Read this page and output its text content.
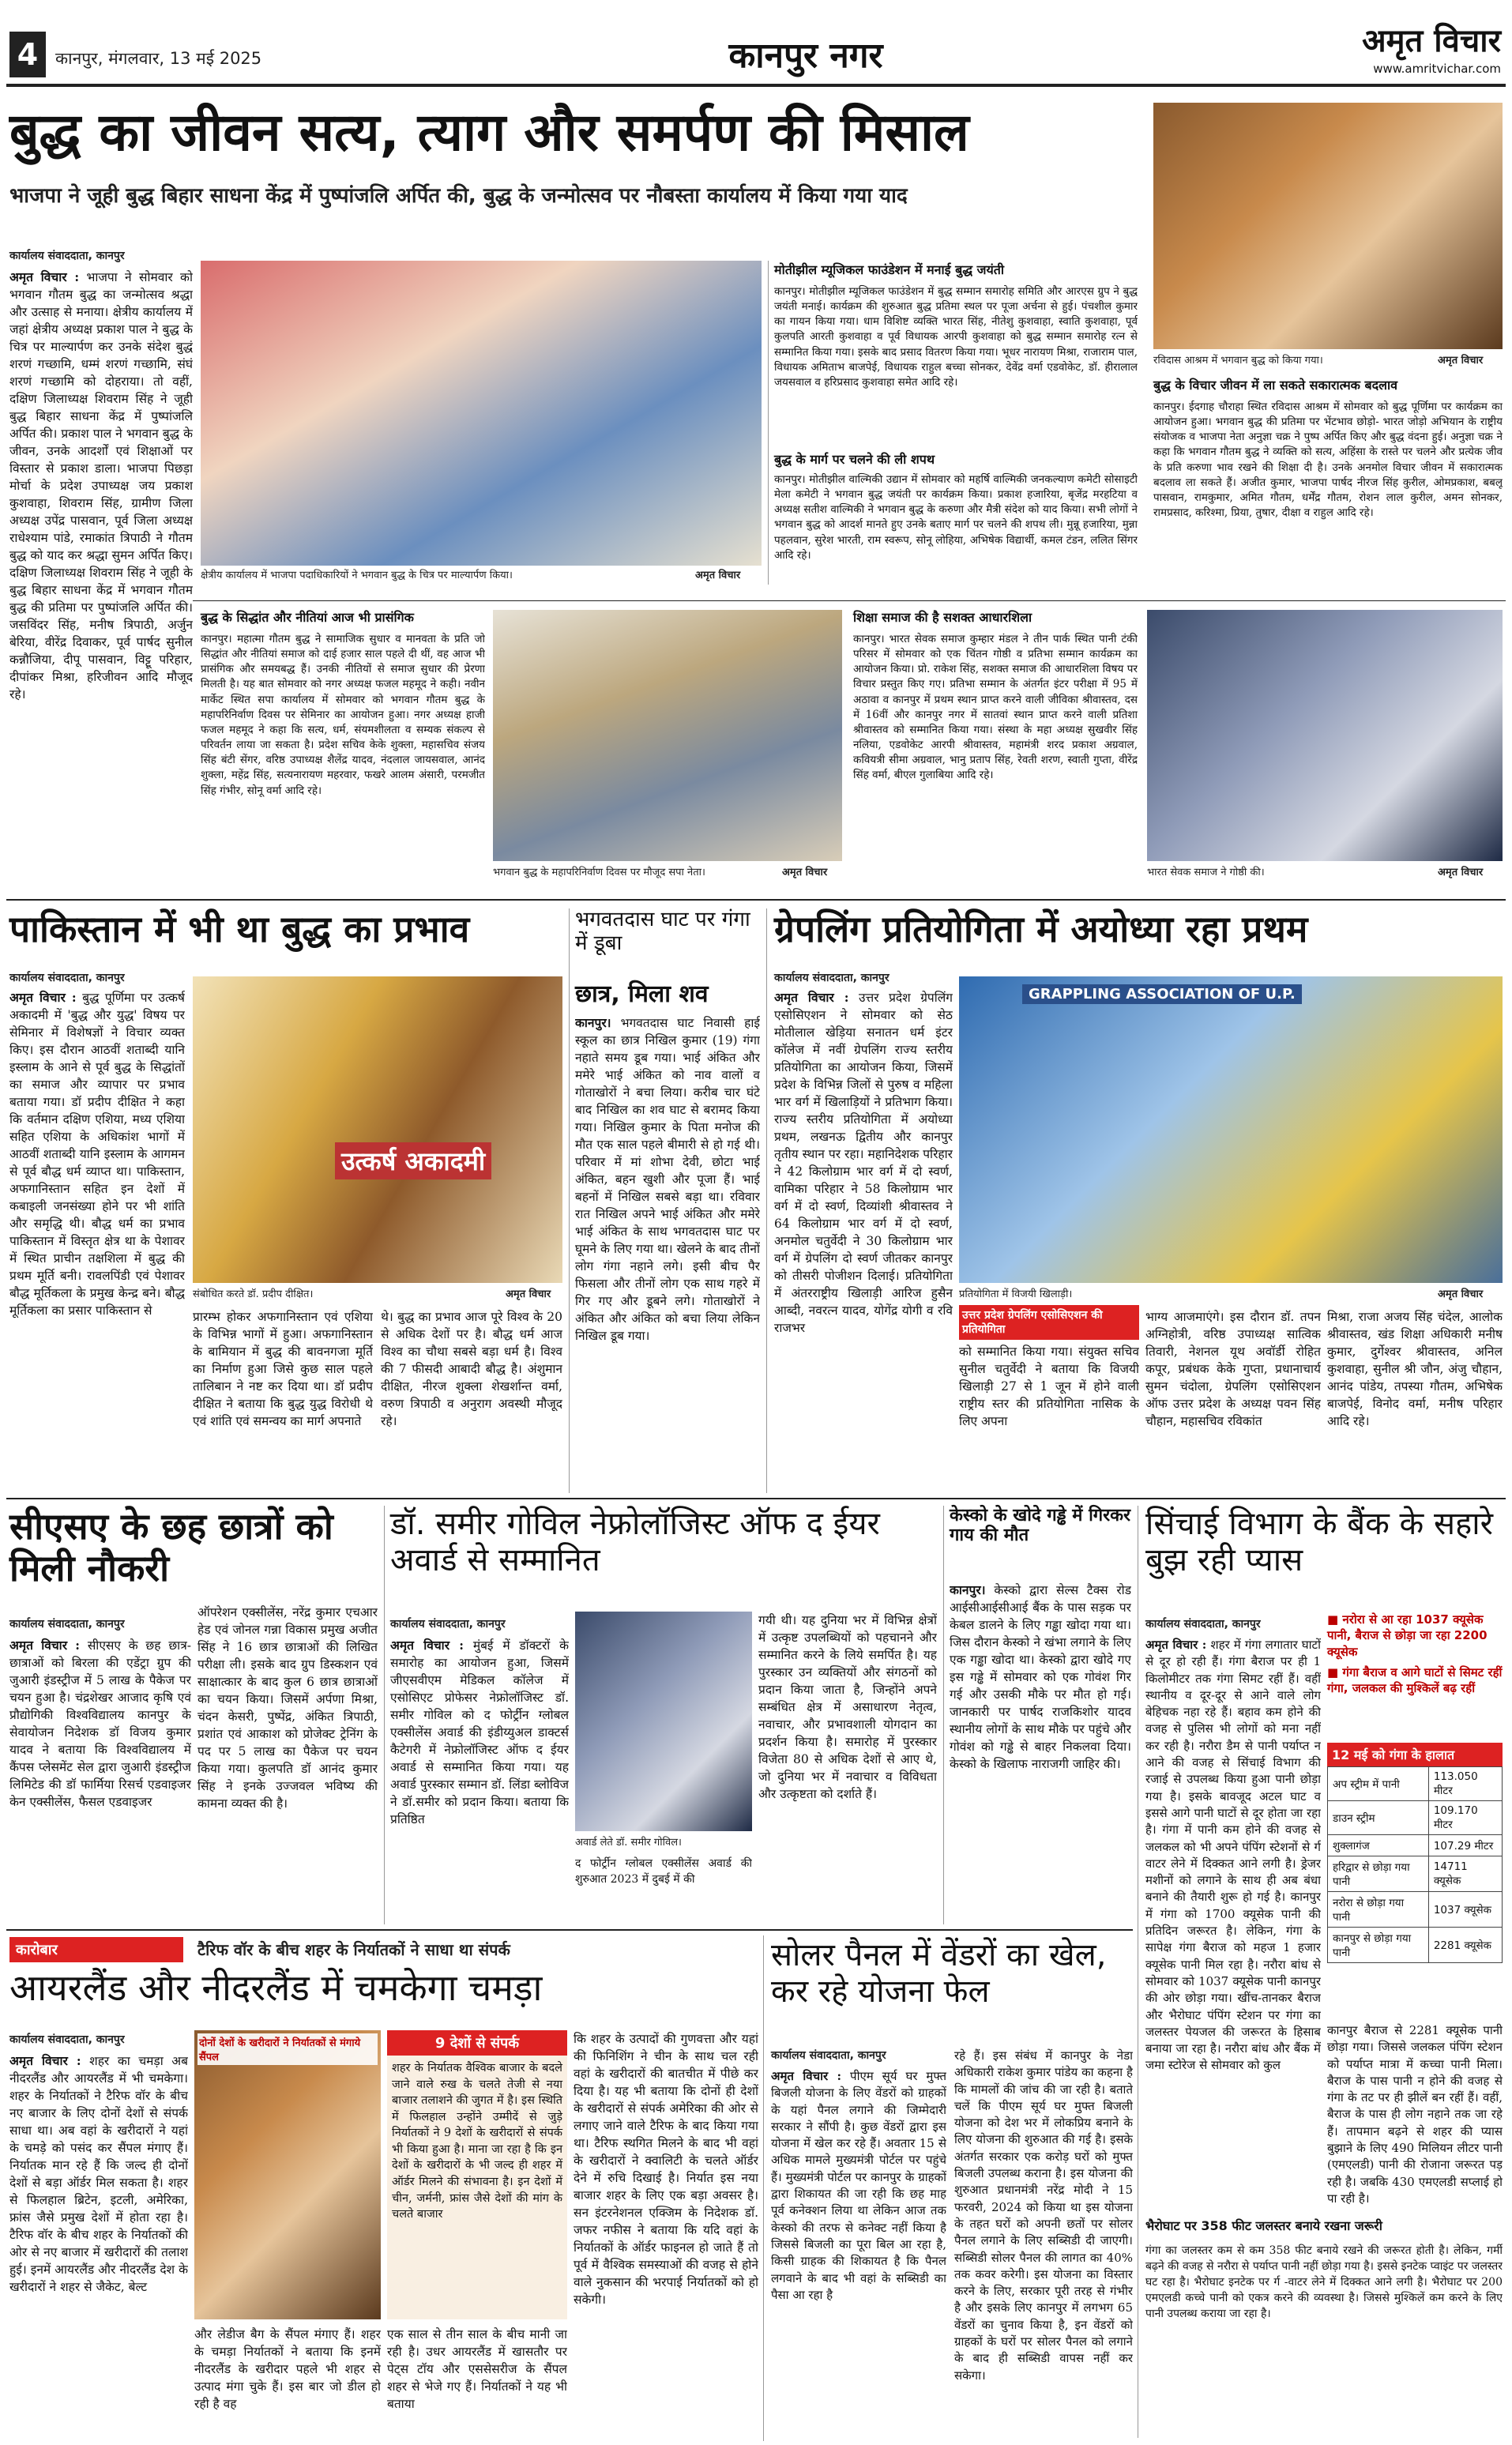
4	कानपुर, मंगलवार, 13 मई 2025	कानपुर नगर	अमृत विचार
www.amritvichar.com
बुद्ध का जीवन सत्य, त्याग और समर्पण की मिसाल
भाजपा ने जूही बुद्ध बिहार साधना केंद्र में पुष्पांजलि अर्पित की, बुद्ध के जन्मोत्सव पर नौबस्ता कार्यालय में किया गया याद
कार्यालय संवाददाता, कानपुर
अमृत विचार : भाजपा ने सोमवार को भगवान गौतम बुद्ध का जन्मोत्सव श्रद्धा और उत्साह से मनाया। क्षेत्रीय कार्यालय में जहां क्षेत्रीय अध्यक्ष प्रकाश पाल ने बुद्ध के चित्र पर माल्यार्पण कर उनके संदेश बुद्धं शरणं गच्छामि, धम्मं शरणं गच्छामि, संघं शरणं गच्छामि को दोहराया। तो वहीं, दक्षिण जिलाध्यक्ष शिवराम सिंह ने जूही बुद्ध बिहार साधना केंद्र में पुष्पांजलि अर्पित की। प्रकाश पाल ने भगवान बुद्ध के जीवन, उनके आदर्शों एवं शिक्षाओं पर विस्तार से प्रकाश डाला। भाजपा पिछड़ा मोर्चा के प्रदेश उपाध्यक्ष जय प्रकाश कुशवाहा, शिवराम सिंह, ग्रामीण जिला अध्यक्ष उपेंद्र पासवान, पूर्व जिला अध्यक्ष राधेश्याम पांडे, रमाकांत त्रिपाठी ने गौतम बुद्ध को याद कर श्रद्धा सुमन अर्पित किए। दक्षिण जिलाध्यक्ष शिवराम सिंह ने जूही के बुद्ध बिहार साधना केंद्र में भगवान गौतम बुद्ध की प्रतिमा पर पुष्पांजलि अर्पित की। जसविंदर सिंह, मनीष त्रिपाठी, अर्जुन बेरिया, वीरेंद्र दिवाकर, पूर्व पार्षद सुनील कन्नौजिया, दीपू पासवान, विट्टू परिहार, दीपांकर मिश्रा, हरिजीवन आदि मौजूद रहे।
क्षेत्रीय कार्यालय में भाजपा पदाधिकारियों ने भगवान बुद्ध के चित्र पर माल्यार्पण किया।	अमृत विचार
मोतीझील म्यूजिकल फाउंडेशन में मनाई बुद्ध जयंती
कानपुर। मोतीझील म्यूजिकल फाउंडेशन में बुद्ध सम्मान समारोह समिति और आरएस ग्रुप ने बुद्ध जयंती मनाई। कार्यक्रम की शुरुआत बुद्ध प्रतिमा स्थल पर पूजा अर्चना से हुई। पंचशील कुमार का गायन किया गया। धाम विशिष्ट व्यक्ति भारत सिंह, नीतेशु कुशवाहा, स्वाति कुशवाहा, पूर्व कुलपति आरती कुशवाहा व पूर्व विधायक आरपी कुशवाहा को बुद्ध सम्मान समारोह रत्न से सम्मानित किया गया। इसके बाद प्रसाद वितरण किया गया। भूधर नारायण मिश्रा, राजाराम पाल, विधायक अमिताभ बाजपेई, विधायक राहुल बच्चा सोनकर, देवेंद्र वर्मा एडवोकेट, डॉ. हीरालाल जयसवाल व हरिप्रसाद कुशवाहा समेत आदि रहे।
बुद्ध के मार्ग पर चलने की ली शपथ
कानपुर। मोतीझील वाल्मिकी उद्यान में सोमवार को महर्षि वाल्मिकी जनकल्याण कमेटी सोसाइटी मेला कमेटी ने भगवान बुद्ध जयंती पर कार्यक्रम किया। प्रकाश हजारिया, बृजेंद्र मरहटिया व अध्यक्ष सतीश वाल्मिकी ने भगवान बुद्ध के करुणा और मैत्री संदेश को याद किया। सभी लोगों ने भगवान बुद्ध को आदर्श मानते हुए उनके बताए मार्ग पर चलने की शपथ ली। मुन्नू हजारिया, मुन्ना पहलवान, सुरेश भारती, राम स्वरूप, सोनू लोहिया, अभिषेक विद्यार्थी, कमल टंडन, ललित सिंगर आदि रहे।
रविदास आश्रम में भगवान बुद्ध को किया गया।	अमृत विचार
बुद्ध के विचार जीवन में ला सकते सकारात्मक बदलाव
कानपुर। ईदगाह चौराहा स्थित रविदास आश्रम में सोमवार को बुद्ध पूर्णिमा पर कार्यक्रम का आयोजन हुआ। भगवान बुद्ध की प्रतिमा पर भेंटभाव छोड़ो- भारत जोड़ो अभियान के राष्ट्रीय संयोजक व भाजपा नेता अनुज्ञा चक्र ने पुष्प अर्पित किए और बुद्ध वंदना हुई। अनुज्ञा चक्र ने कहा कि भगवान गौतम बुद्ध ने व्यक्ति को सत्य, अहिंसा के रास्ते पर चलने और प्रत्येक जीव के प्रति करुणा भाव रखने की शिक्षा दी है। उनके अनमोल विचार जीवन में सकारात्मक बदलाव ला सकते हैं। अजीत कुमार, भाजपा पार्षद नीरज सिंह कुरील, ओमप्रकाश, बबलू पासवान, रामकुमार, अमित गौतम, धर्मेंद्र गौतम, रोशन लाल कुरील, अमन सोनकर, रामप्रसाद, करिश्मा, प्रिया, तुषार, दीक्षा व राहुल आदि रहे।
बुद्ध के सिद्धांत और नीतियां आज भी प्रासंगिक
कानपुर। महात्मा गौतम बुद्ध ने सामाजिक सुधार व मानवता के प्रति जो सिद्धांत और नीतियां समाज को दाई हजार साल पहले दी थीं, वह आज भी प्रासंगिक और समयबद्ध हैं। उनकी नीतियों से समाज सुधार की प्रेरणा मिलती है। यह बात सोमवार को नगर अध्यक्ष फजल महमूद ने कही। नवीन मार्केट स्थित सपा कार्यालय में सोमवार को भगवान गौतम बुद्ध के महापरिनिर्वाण दिवस पर सेमिनार का आयोजन हुआ। नगर अध्यक्ष हाजी फजल महमूद ने कहा कि सत्य, धर्म, संयमशीलता व सम्यक संकल्प से परिवर्तन लाया जा सकता है। प्रदेश सचिव केके शुक्ला, महासचिव संजय सिंह बंटी सेंगर, वरिष्ठ उपाध्यक्ष शैलेंद्र यादव, नंदलाल जायसवाल, आनंद शुक्ला, महेंद्र सिंह, सत्यनारायण महरवार, फखरे आलम अंसारी, परमजीत सिंह गंभीर, सोनू वर्मा आदि रहे।
भगवान बुद्ध के महापरिनिर्वाण दिवस पर मौजूद सपा नेता।	अमृत विचार
शिक्षा समाज की है सशक्त आधारशिला
कानपुर। भारत सेवक समाज कुम्हार मंडल ने तीन पार्क स्थित पानी टंकी परिसर में सोमवार को एक चिंतन गोष्ठी व प्रतिभा सम्मान कार्यक्रम का आयोजन किया। प्रो. राकेश सिंह, सशक्त समाज की आधारशिला विषय पर विचार प्रस्तुत किए गए। प्रतिभा सम्मान के अंतर्गत इंटर परीक्षा में 95 में अठावा व कानपुर में प्रथम स्थान प्राप्त करने वाली जीविका श्रीवास्तव, दस में 16वीं और कानपुर नगर में सातवां स्थान प्राप्त करने वाली प्रतिशा श्रीवास्तव को सम्मानित किया गया। संस्था के महा अध्यक्ष सुखवीर सिंह नलिया, एडवोकेट आरपी श्रीवास्तव, महामंत्री शरद प्रकाश अग्रवाल, कवियत्री सीमा अग्रवाल, भानु प्रताप सिंह, रेवती शरण, स्वाती गुप्ता, वीरेंद्र सिंह वर्मा, बीएल गुलाबिया आदि रहे।
भारत सेवक समाज ने गोष्ठी की।	अमृत विचार
पाकिस्तान में भी था बुद्ध का प्रभाव
कार्यालय संवाददाता, कानपुर
अमृत विचार : बुद्ध पूर्णिमा पर उत्कर्ष अकादमी में 'बुद्ध और युद्ध' विषय पर सेमिनार में विशेषज्ञों ने विचार व्यक्त किए। इस दौरान आठवीं शताब्दी यानि इस्लाम के आने से पूर्व बुद्ध के सिद्धांतों का समाज और व्यापार पर प्रभाव बताया गया। डॉ प्रदीप दीक्षित ने कहा कि वर्तमान दक्षिण एशिया, मध्य एशिया सहित एशिया के अधिकांश भागों में आठवीं शताब्दी यानि इस्लाम के आगमन से पूर्व बौद्ध धर्म व्याप्त था। पाकिस्तान, अफगानिस्तान सहित इन देशों में कबाइली जनसंख्या होने पर भी शांति और समृद्धि थी। बौद्ध धर्म का प्रभाव पाकिस्तान में विस्तृत क्षेत्र था के पेशावर में स्थित प्राचीन तक्षशिला में बुद्ध की प्रथम मूर्ति बनी। रावलपिंडी एवं पेशावर बौद्ध मूर्तिकला के प्रमुख केन्द्र बने। बौद्ध मूर्तिकला का प्रसार पाकिस्तान से
उत्कर्ष अकादमी
संबोधित करते डॉ. प्रदीप दीक्षित।	अमृत विचार
प्रारम्भ होकर अफगानिस्तान एवं एशिया के विभिन्न भागों में हुआ। अफगानिस्तान के बामियान में बुद्ध की बावनगजा मूर्ति का निर्माण हुआ जिसे कुछ साल पहले तालिबान ने नष्ट कर दिया था। डॉ प्रदीप दीक्षित ने बताया कि बुद्ध युद्ध विरोधी थे एवं शांति एवं समन्वय का मार्ग अपनाते
थे। बुद्ध का प्रभाव आज पूरे विश्व के 20 से अधिक देशों पर है। बौद्ध धर्म आज विश्व का चौथा सबसे बड़ा धर्म है। विश्व की 7 फीसदी आबादी बौद्ध है। अंशुमान दीक्षित, नीरज शुक्ला शेखर्शान्त वर्मा, वरुण त्रिपाठी व अनुराग अवस्थी मौजूद रहे।
भगवतदास घाट पर गंगा में डूबा
छात्र, मिला शव
कानपुर। भगवतदास घाट निवासी हाई स्कूल का छात्र निखिल कुमार (19) गंगा नहाते समय डूब गया। भाई अंकित और ममेरे भाई अंकित को नाव वालों व गोताखोरों ने बचा लिया। करीब चार घंटे बाद निखिल का शव घाट से बरामद किया गया। निखिल कुमार के पिता मनोज की मौत एक साल पहले बीमारी से हो गई थी। परिवार में मां शोभा देवी, छोटा भाई अंकित, बहन खुशी और पूजा हैं। भाई बहनों में निखिल सबसे बड़ा था। रविवार रात निखिल अपने भाई अंकित और ममेरे भाई अंकित के साथ भगवतदास घाट पर घूमने के लिए गया था। खेलने के बाद तीनों लोग गंगा नहाने लगे। इसी बीच पैर फिसला और तीनों लोग एक साथ गहरे में गिर गए और डूबने लगे। गोताखोरों ने अंकित और अंकित को बचा लिया लेकिन निखिल डूब गया।
ग्रेपलिंग प्रतियोगिता में अयोध्या रहा प्रथम
कार्यालय संवाददाता, कानपुर
अमृत विचार : उत्तर प्रदेश ग्रेपलिंग एसोसिएशन ने सोमवार को सेठ मोतीलाल खेड़िया सनातन धर्म इंटर कॉलेज में नवीं ग्रेपलिंग राज्य स्तरीय प्रतियोगिता का आयोजन किया, जिसमें प्रदेश के विभिन्न जिलों से पुरुष व महिला भार वर्ग में खिलाड़ियों ने प्रतिभाग किया। राज्य स्तरीय प्रतियोगिता में अयोध्या प्रथम, लखनऊ द्वितीय और कानपुर तृतीय स्थान पर रहा। महानिदेशक परिहार ने 42 किलोग्राम भार वर्ग में दो स्वर्ण, वामिका परिहार ने 58 किलोग्राम भार वर्ग में दो स्वर्ण, दिव्यांशी श्रीवास्तव ने 64 किलोग्राम भार वर्ग में दो स्वर्ण, अनमोल चतुर्वेदी ने 30 किलोग्राम भार वर्ग में ग्रेपलिंग दो स्वर्ण जीतकर कानपुर को तीसरी पोजीशन दिलाई। प्रतियोगिता में अंतरराष्ट्रीय खिलाड़ी आरिज हुसैन आब्दी, नवरत्न यादव, योगेंद्र योगी व रवि राजभर
GRAPPLING ASSOCIATION OF U.P.
प्रतियोगिता में विजयी खिलाड़ी।	अमृत विचार
उत्तर प्रदेश ग्रेपलिंग एसोसिएशन की प्रतियोगिता
को सम्मानित किया गया। संयुक्त सचिव सुनील चतुर्वेदी ने बताया कि विजयी खिलाड़ी 27 से 1 जून में होने वाली राष्ट्रीय स्तर की प्रतियोगिता नासिक के लिए अपना
भाग्य आजमाएंगे। इस दौरान डॉ. तपन अग्निहोत्री, वरिष्ठ उपाध्यक्ष सात्विक तिवारी, नेशनल यूथ अवॉर्डी रोहित कपूर, प्रबंधक केके गुप्ता, प्रधानाचार्य सुमन चंदोला, ग्रेपलिंग एसोसिएशन ऑफ उत्तर प्रदेश के अध्यक्ष पवन सिंह चौहान, महासचिव रविकांत
मिश्रा, राजा अजय सिंह चंदेल, आलोक श्रीवास्तव, खंड शिक्षा अधिकारी मनीष कुमार, दुर्गेश्वर श्रीवास्तव, अनिल कुशवाहा, सुनील श्री जौन, अंजु चौहान, आनंद पांडेय, तपस्या गौतम, अभिषेक बाजपेई, विनोद वर्मा, मनीष परिहार आदि रहे।
सीएसए के छह छात्रों को मिली नौकरी
कार्यालय संवाददाता, कानपुर
अमृत विचार : सीएसए के छह छात्र-छात्राओं को बिरला की एडेंट्रा ग्रुप की जुआरी इंडस्ट्रीज में 5 लाख के पैकेज पर चयन हुआ है। चंद्रशेखर आजाद कृषि एवं प्रौद्योगिकी विश्वविद्यालय कानपुर के सेवायोजन निदेशक डॉ विजय कुमार यादव ने बताया कि विश्वविद्यालय में कैंपस प्लेसमेंट सेल द्वारा जुआरी इंडस्ट्रीज लिमिटेड की डॉ फार्मिया रिसर्च एडवाइजर केन एक्सीलेंस, फैसल एडवाइजर
ऑपरेशन एक्सीलेंस, नरेंद्र कुमार एचआर हेड एवं जोनल गन्ना विकास प्रमुख अजीत सिंह ने 16 छात्र छात्राओं की लिखित परीक्षा ली। इसके बाद ग्रुप डिस्कशन एवं साक्षात्कार के बाद कुल 6 छात्र छात्राओं का चयन किया। जिसमें अर्पणा मिश्रा, चंदन केसरी, पुष्पेंद्र, अंकित त्रिपाठी, प्रशांत एवं आकाश को प्रोजेक्ट ट्रेनिंग के पद पर 5 लाख का पैकेज पर चयन किया गया। कुलपति डॉ आनंद कुमार सिंह ने इनके उज्जवल भविष्य की कामना व्यक्त की है।
डॉ. समीर गोविल नेफ्रोलॉजिस्ट ऑफ द ईयर अवार्ड से सम्मानित
कार्यालय संवाददाता, कानपुर
अमृत विचार : मुंबई में डॉक्टरों के समारोह का आयोजन हुआ, जिसमें जीएसवीएम मेडिकल कॉलेज में एसोसिएट प्रोफेसर नेफ्रोलॉजिस्ट डॉ. समीर गोविल को द फोर्ट्रीन ग्लोबल एक्सीलेंस अवार्ड की इंडीय्युअल डाक्टर्स कैटेगरी में नेफ्रोलॉजिस्ट ऑफ द ईयर अवार्ड से सम्मानित किया गया। यह अवार्ड पुरस्कार सम्मान डॉ. लिंडा ब्लोविज ने डॉ.समीर को प्रदान किया। बताया कि प्रतिष्ठित
अवार्ड लेते डॉ. समीर गोविल।
द फोर्ट्रीन ग्लोबल एक्सीलेंस अवार्ड की शुरुआत 2023 में दुबई में की
गयी थी। यह दुनिया भर में विभिन्न क्षेत्रों में उत्कृष्ट उपलब्धियों को पहचानने और सम्मानित करने के लिये समर्पित है। यह पुरस्कार उन व्यक्तियों और संगठनों को प्रदान किया जाता है, जिन्होंने अपने सम्बंधित क्षेत्र में असाधारण नेतृत्व, नवाचार, और प्रभावशाली योगदान का प्रदर्शन किया है। समारोह में पुरस्कार विजेता 80 से अधिक देशों से आए थे, जो दुनिया भर में नवाचार व विविधता और उत्कृष्टता को दर्शाते हैं।
केस्को के खोदे गड्ढे में गिरकर गाय की मौत
कानपुर। केस्को द्वारा सेल्स टैक्स रोड आईसीआईसीआई बैंक के पास सड़क पर केबल डालने के लिए गड्ढा खोदा गया था। जिस दौरान केस्को ने खंभा लगाने के लिए एक गड्ढा खोदा था। केस्को द्वारा खोदे गए इस गड्ढे में सोमवार को एक गोवंश गिर गई और उसकी मौके पर मौत हो गई। जानकारी पर पार्षद राजकिशोर यादव स्थानीय लोगों के साथ मौके पर पहुंचे और गोवंश को गड्ढे से बाहर निकलवा दिया। केस्को के खिलाफ नाराजगी जाहिर की।
सिंचाई विभाग के बैंक के सहारे बुझ रही प्यास
कार्यालय संवाददाता, कानपुर	■ नरोरा से आ रहा 1037 क्यूसेक पानी, बैराज से छोड़ा जा रहा 2200 क्यूसेक
■ गंगा बैराज व आगे घाटों से सिमट रहीं गंगा, जलकल की मुश्किलें बढ़ रहीं
अमृत विचार : शहर में गंगा लगातार घाटों से दूर हो रही हैं। गंगा बैराज पर ही 1 किलोमीटर तक गंगा सिमट रहीं हैं। वहीं स्थानीय व दूर-दूर से आने वाले लोग बेहिचक नहा रहे हैं। बहाव कम होने की वजह से पुलिस भी लोगों को मना नहीं कर रही है। नरौरा डैम से पानी पर्याप्त न आने की वजह से सिंचाई विभाग की रजाई से उपलब्ध किया हुआ पानी छोड़ा गया है। इसके बावजूद अटल घाट व इससे आगे पानी घाटों से दूर होता जा रहा है। गंगा में पानी कम होने की वजह से जलकल को भी अपने पंपिंग स्टेशनों से र्ग वाटर लेने में दिक्कत आने लगी है। ड्रेजर मशीनों को लगाने के साथ ही अब बंधा बनाने की तैयारी शुरू हो गई है। कानपुर में गंगा को 1700 क्यूसेक पानी की प्रतिदिन जरूरत है। लेकिन, गंगा के सापेक्ष गंगा बैराज को महज 1 हजार क्यूसेक पानी मिल रहा है। नरौरा बांध से सोमवार को 1037 क्यूसेक पानी कानपुर की ओर छोड़ा गया। खींच-तानकर बैराज और भैरोघाट पंपिंग स्टेशन पर गंगा का जलस्तर पेयजल की जरूरत के हिसाब बनाया जा रहा है। नरौरा बांध और बैंक में जमा स्टोरेज से सोमवार को कुल
12 मई को गंगा के हालात
अप स्ट्रीम में पानी	113.050 मीटर
डाउन स्ट्रीम	109.170 मीटर
शुक्लागंज	107.29 मीटर
हरिद्वार से छोड़ा गया पानी	14711 क्यूसेक
नरोरा से छोड़ा गया पानी	1037 क्यूसेक
कानपुर से छोड़ा गया पानी	2281 क्यूसेक
कानपुर बैराज से 2281 क्यूसेक पानी छोड़ा गया। जिससे जलकल पंपिंग स्टेशन को पर्याप्त मात्रा में कच्चा पानी मिला। बैराज के पास पानी न होने की वजह से गंगा के तट पर ही झीलें बन रहीं हैं। वहीं, बैराज के पास ही लोग नहाने तक जा रहे हैं। तापमान बढ़ने से शहर की प्यास बुझाने के लिए 490 मिलियन लीटर पानी (एमएलडी) पानी की रोजाना जरूरत पड़ रही है। जबकि 430 एमएलडी सप्लाई हो पा रही है।
भैरोघाट पर 358 फीट जलस्तर बनाये रखना जरूरी
गंगा का जलस्तर कम से कम 358 फीट बनाये रखने की जरूरत होती है। लेकिन, गर्मी बढ़ने की वजह से नरौरा से पर्याप्त पानी नहीं छोड़ा गया है। इससे इनटेक प्वाइंट पर जलस्तर घट रहा है। भैरोघाट इनटेक पर र्ग -वाटर लेने में दिक्कत आने लगी है। भैरोघाट पर 200 एमएलडी कच्चे पानी को एकत्र करने की व्यवस्था है। जिससे मुश्किलें कम करने के लिए पानी उपलब्ध कराया जा रहा है।
कारोबार	टैरिफ वॉर के बीच शहर के निर्यातकों ने साधा था संपर्क
आयरलैंड और नीदरलैंड में चमकेगा चमड़ा
कार्यालय संवाददाता, कानपुर
अमृत विचार : शहर का चमड़ा अब नीदरलैंड और आयरलैंड में भी चमकेगा। शहर के निर्यातकों ने टैरिफ वॉर के बीच नए बाजार के लिए दोनों देशों से संपर्क साधा था। अब वहां के खरीदारों ने यहां के चमड़े को पसंद कर सैंपल मंगाए हैं। निर्यातक मान रहे हैं कि जल्द ही दोनों देशों से बड़ा ऑर्डर मिल सकता है। शहर से फिलहाल ब्रिटेन, इटली, अमेरिका, फ्रांस जैसे प्रमुख देशों में होता रहा है। टैरिफ वॉर के बीच शहर के निर्यातकों की ओर से नए बाजार में खरीदारों की तलाश हुई। इनमें आयरलैंड और नीदरलैंड देश के खरीदारों ने शहर से जैकेट, बेल्ट
दोनों देशों के खरीदारों ने निर्यातकों से मंगाये सैंपल
और लेडीज बैग के सैंपल मंगाए हैं। शहर के चमड़ा निर्यातकों ने बताया कि इनमें नीदरलैंड के खरीदार पहले भी शहर से उत्पाद मंगा चुके हैं। इस बार जो डील हो रही है वह
9 देशों से संपर्क
शहर के निर्यातक वैश्विक बाजार के बदले जाने वाले रुख के चलते तेजी से नया बाजार तलाशने की जुगत में है। इस स्थिति में फिलहाल उन्होंने उम्मीदें से जुड़े निर्यातकों ने 9 देशों के खरीदारों से संपर्क भी किया हुआ है। माना जा रहा है कि इन देशों के खरीदारों के भी जल्द ही शहर में ऑर्डर मिलने की संभावना है। इन देशों में चीन, जर्मनी, फ्रांस जैसे देशों की मांग के चलते बाजार
एक साल से तीन साल के बीच मानी जा रही है। उधर आयरलैंड में खासतौर पर पेट्स टॉय और एससेसरीज के सैंपल शहर से भेजे गए हैं। निर्यातकों ने यह भी बताया
कि शहर के उत्पादों की गुणवत्ता और यहां की फिनिशिंग ने चीन के साथ चल रही वहां के खरीदारों की बातचीत में पीछे कर दिया है। यह भी बताया कि दोनों ही देशों के खरीदारों से संपर्क अमेरिका की ओर से लगाए जाने वाले टैरिफ के बाद किया गया था। टैरिफ स्थगित मिलने के बाद भी वहां के खरीदारों ने क्वालिटी के चलते ऑर्डर देने में रुचि दिखाई है। निर्यात इस नया बाजार शहर के लिए एक बड़ा अवसर है। सन इंटरनेशनल एक्जिम के निदेशक डॉ. जफर नफीस ने बताया कि यदि वहां के निर्यातकों के ऑर्डर फाइनल हो जाते हैं तो पूर्व में वैश्विक समस्याओं की वजह से होने वाले नुकसान की भरपाई निर्यातकों को हो सकेगी।
सोलर पैनल में वेंडरों का खेल, कर रहे योजना फेल
कार्यालय संवाददाता, कानपुर
अमृत विचार : पीएम सूर्य घर मुफ्त बिजली योजना के लिए वेंडरों को ग्राहकों के यहां पैनल लगाने की जिम्मेदारी सरकार ने सौंपी है। कुछ वेंडरों द्वारा इस योजना में खेल कर रहे हैं। अवतार 15 से अधिक मामले मुख्यमंत्री पोर्टल पर पहुंचे हैं। मुख्यमंत्री पोर्टल पर कानपुर के ग्राहकों द्वारा शिकायत की जा रही कि छह माह पूर्व कनेक्शन लिया था लेकिन आज तक केस्को की तरफ से कनेक्ट नहीं किया है जिससे बिजली का पूरा बिल आ रहा है, किसी ग्राहक की शिकायत है कि पैनल लगवाने के बाद भी वहां के सब्सिडी का पैसा आ रहा है
रहे हैं। इस संबंध में कानपुर के नेडा अधिकारी राकेश कुमार पांडेय का कहना है कि मामलों की जांच की जा रही है। बताते चलें कि पीएम सूर्य घर मुफ्त बिजली योजना को देश भर में लोकप्रिय बनाने के लिए योजना की शुरुआत की गई है। इसके अंतर्गत सरकार एक करोड़ घरों को मुफ्त बिजली उपलब्ध कराना है। इस योजना की शुरुआत प्रधानमंत्री नरेंद्र मोदी ने 15 फरवरी, 2024 को किया था इस योजना के तहत घरों को अपनी छतों पर सोलर पैनल लगाने के लिए सब्सिडी दी जाएगी। सब्सिडी सोलर पैनल की लागत का 40% तक कवर करेगी। इस योजना का विस्तार करने के लिए, सरकार पूरी तरह से गंभीर है और इसके लिए कानपुर में लगभग 65 वेंडरों का चुनाव किया है, इन वेंडरों को ग्राहकों के घरों पर सोलर पैनल को लगाने के बाद ही सब्सिडी वापस नहीं कर सकेगा।
